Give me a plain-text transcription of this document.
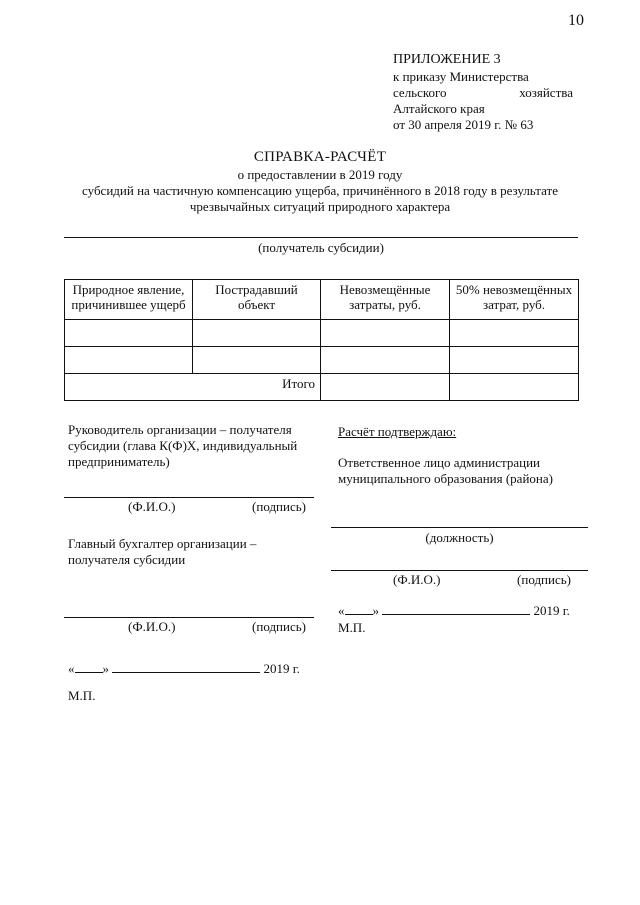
10
ПРИЛОЖЕНИЕ 3
к приказу Министерства
сельского	хозяйства
Алтайского края
от 30 апреля 2019 г. № 63
СПРАВКА-РАСЧЁТ
о предоставлении в 2019 году
субсидий на частичную компенсацию ущерба, причинённого в 2018 году в результате
чрезвычайных ситуаций природного характера
(получатель субсидии)
Природное явление, причинившее ущерб	Пострадавший объект	Невозмещённые затраты, руб.	50% невозмещённых затрат, руб.

Итого			
Руководитель организации – получателя субсидии (глава К(Ф)Х, индивидуальный предприниматель)
(Ф.И.О.)	(подпись)
Главный бухгалтер организации – получателя субсидии
(Ф.И.О.)	(подпись)
« »	2019 г.
М.П.
Расчёт подтверждаю:
Ответственное лицо администрации муниципального образования (района)
(должность)
(Ф.И.О.)	(подпись)
« »	2019 г.
М.П.
